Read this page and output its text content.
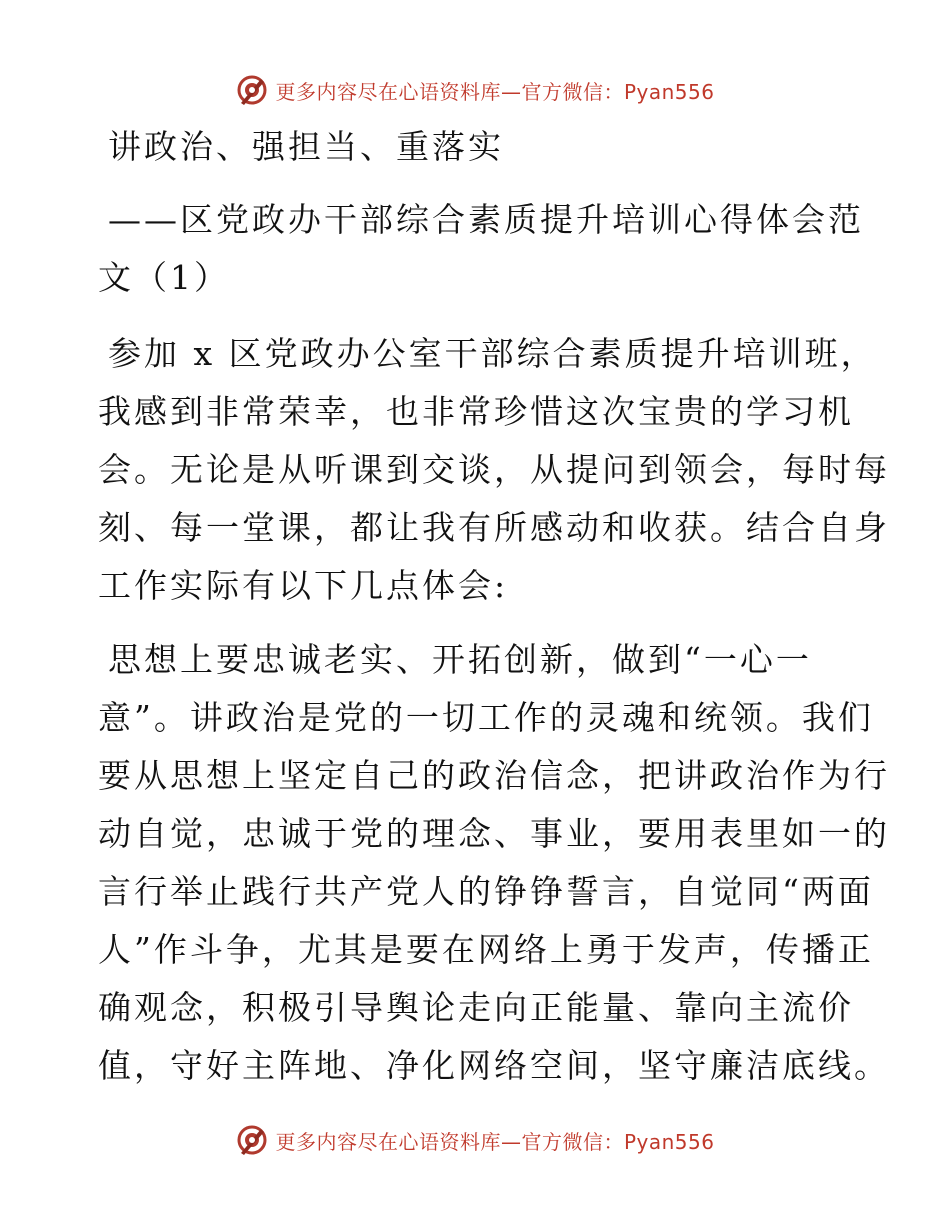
更多内容尽在心语资料库—官方微信：Pyan556
讲政治、强担当、重落实
——区党政办干部综合素质提升培训心得体会范
文（1）
参加 x 区党政办公室干部综合素质提升培训班，
我感到非常荣幸，也非常珍惜这次宝贵的学习机
会。无论是从听课到交谈，从提问到领会，每时每
刻、每一堂课，都让我有所感动和收获。结合自身
工作实际有以下几点体会:
思想上要忠诚老实、开拓创新，做到“一心一
意”。讲政治是党的一切工作的灵魂和统领。我们
要从思想上坚定自己的政治信念，把讲政治作为行
动自觉，忠诚于党的理念、事业，要用表里如一的
言行举止践行共产党人的铮铮誓言，自觉同“两面
人”作斗争，尤其是要在网络上勇于发声，传播正
确观念，积极引导舆论走向正能量、靠向主流价
值，守好主阵地、净化网络空间，坚守廉洁底线。
更多内容尽在心语资料库—官方微信：Pyan556
